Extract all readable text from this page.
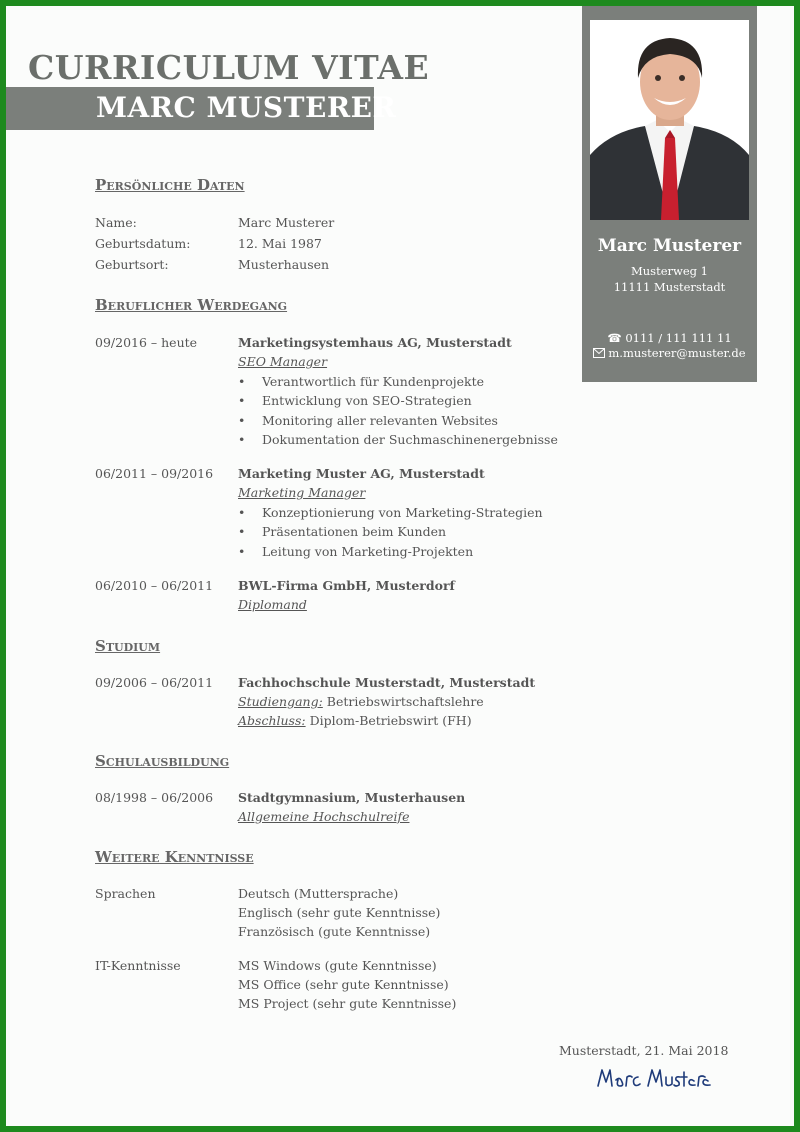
CURRICULUM VITAE
MARC MUSTERER
Marc Musterer
Musterweg 1
11111 Musterstadt
☎ 0111 / 111 111 11
m.musterer@muster.de
Persönliche Daten
Name:	Marc Musterer
Geburtsdatum:	12. Mai 1987
Geburtsort:	Musterhausen
Beruflicher Werdegang
09/2016 – heute	Marketingsystemhaus AG, Musterstadt
SEO Manager
• Verantwortlich für Kundenprojekte
• Entwicklung von SEO-Strategien
• Monitoring aller relevanten Websites
• Dokumentation der Suchmaschinenergebnisse
06/2011 – 09/2016 Marketing Muster AG, Musterstadt
Marketing Manager
• Konzeptionierung von Marketing-Strategien
• Präsentationen beim Kunden
• Leitung von Marketing-Projekten
06/2010 – 06/2011 BWL-Firma GmbH, Musterdorf
Diplomand
Studium
09/2006 – 06/2011 Fachhochschule Musterstadt, Musterstadt
Studiengang: Betriebswirtschaftslehre
Abschluss: Diplom-Betriebswirt (FH)
Schulausbildung
08/1998 – 06/2006 Stadtgymnasium, Musterhausen
Allgemeine Hochschulreife
Weitere Kenntnisse
Sprachen	Deutsch (Muttersprache)
Englisch (sehr gute Kenntnisse)
Französisch (gute Kenntnisse)
IT-Kenntnisse	MS Windows (gute Kenntnisse)
MS Office (sehr gute Kenntnisse)
MS Project (sehr gute Kenntnisse)
Musterstadt, 21. Mai 2018
